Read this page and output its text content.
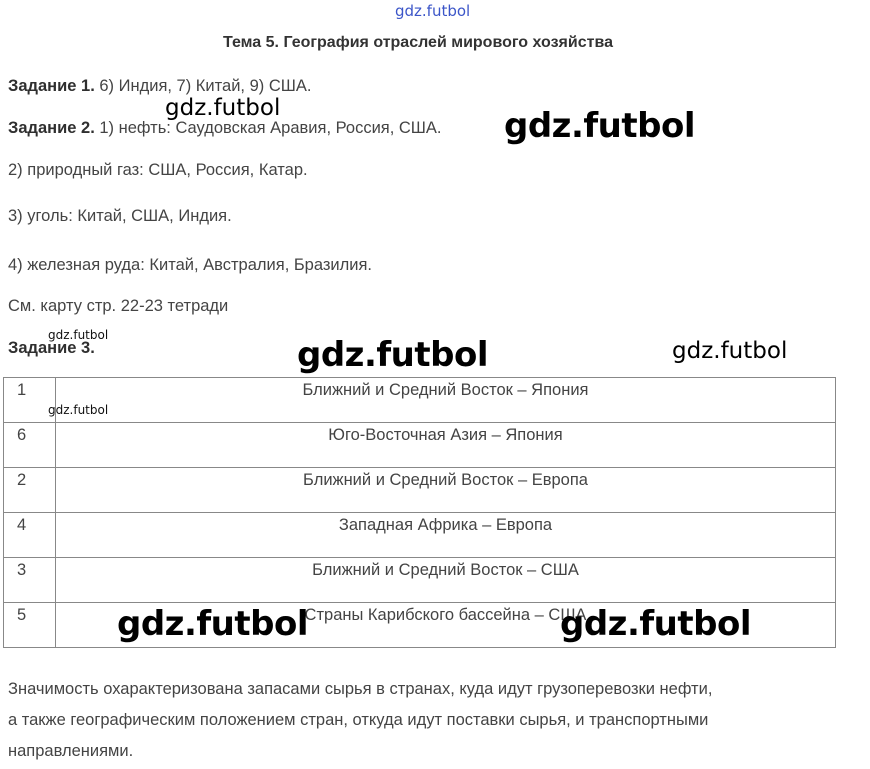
gdz.futbol
Тема 5. География отраслей мирового хозяйства
Задание 1. 6) Индия, 7) Китай, 9) США.
Задание 2. 1) нефть: Саудовская Аравия, Россия, США.
2) природный газ: США, Россия, Катар.
3) уголь: Китай, США, Индия.
4) железная руда: Китай, Австралия, Бразилия.
См. карту стр. 22-23 тетради
Задание 3.
1	Ближний и Средний Восток – Япония
6	Юго-Восточная Азия – Япония
2	Ближний и Средний Восток – Европа
4	Западная Африка – Европа
3	Ближний и Средний Восток – США
5	Страны Карибского бассейна – США
Значимость охарактеризована запасами сырья в странах, куда идут грузоперевозки нефти,
а также географическим положением стран, откуда идут поставки сырья, и транспортными
направлениями.
gdz.futbol	gdz.futbol
gdz.futbol	gdz.futbol	gdz.futbol
gdz.futbol
gdz.futbol	gdz.futbol
